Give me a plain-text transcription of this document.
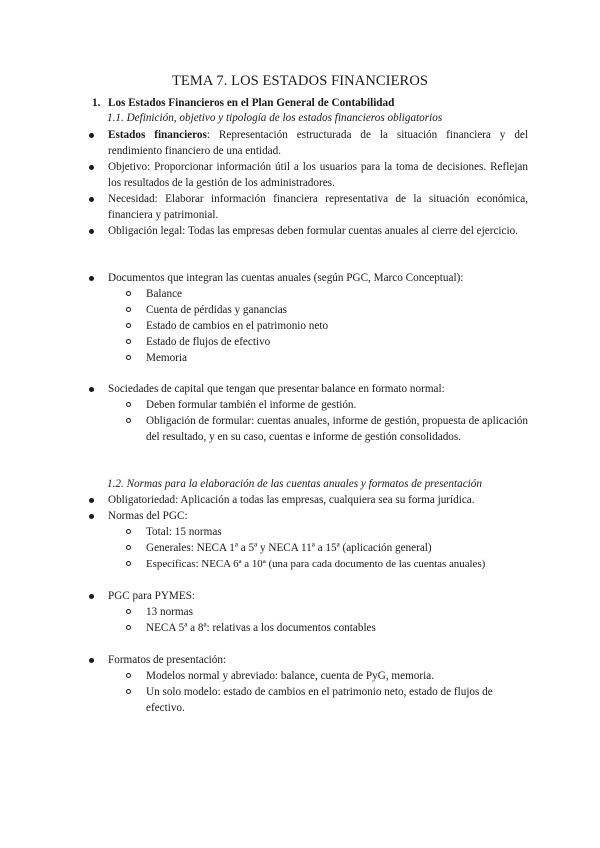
TEMA 7. LOS ESTADOS FINANCIEROS
1. Los Estados Financieros en el Plan General de Contabilidad
1.1. Definición, objetivo y tipología de los estados financieros obligatorios
Estados financieros: Representación estructurada de la situación financiera y del rendimiento financiero de una entidad.
Objetivo: Proporcionar información útil a los usuarios para la toma de decisiones. Reflejan los resultados de la gestión de los administradores.
Necesidad: Elaborar información financiera representativa de la situación económica, financiera y patrimonial.
Obligación legal: Todas las empresas deben formular cuentas anuales al cierre del ejercicio.
Documentos que integran las cuentas anuales (según PGC, Marco Conceptual):
Balance
Cuenta de pérdidas y ganancias
Estado de cambios en el patrimonio neto
Estado de flujos de efectivo
Memoria
Sociedades de capital que tengan que presentar balance en formato normal:
Deben formular también el informe de gestión.
Obligación de formular: cuentas anuales, informe de gestión, propuesta de aplicación del resultado, y en su caso, cuentas e informe de gestión consolidados.
1.2. Normas para la elaboración de las cuentas anuales y formatos de presentación
Obligatoriedad: Aplicación a todas las empresas, cualquiera sea su forma jurídica.
Normas del PGC:
Total: 15 normas
Generales: NECA 1ª a 5ª y NECA 11ª a 15ª (aplicación general)
Específicas: NECA 6ª a 10ª (una para cada documento de las cuentas anuales)
PGC para PYMES:
13 normas
NECA 5ª a 8ª: relativas a los documentos contables
Formatos de presentación:
Modelos normal y abreviado: balance, cuenta de PyG, memoria.
Un solo modelo: estado de cambios en el patrimonio neto, estado de flujos de efectivo.
